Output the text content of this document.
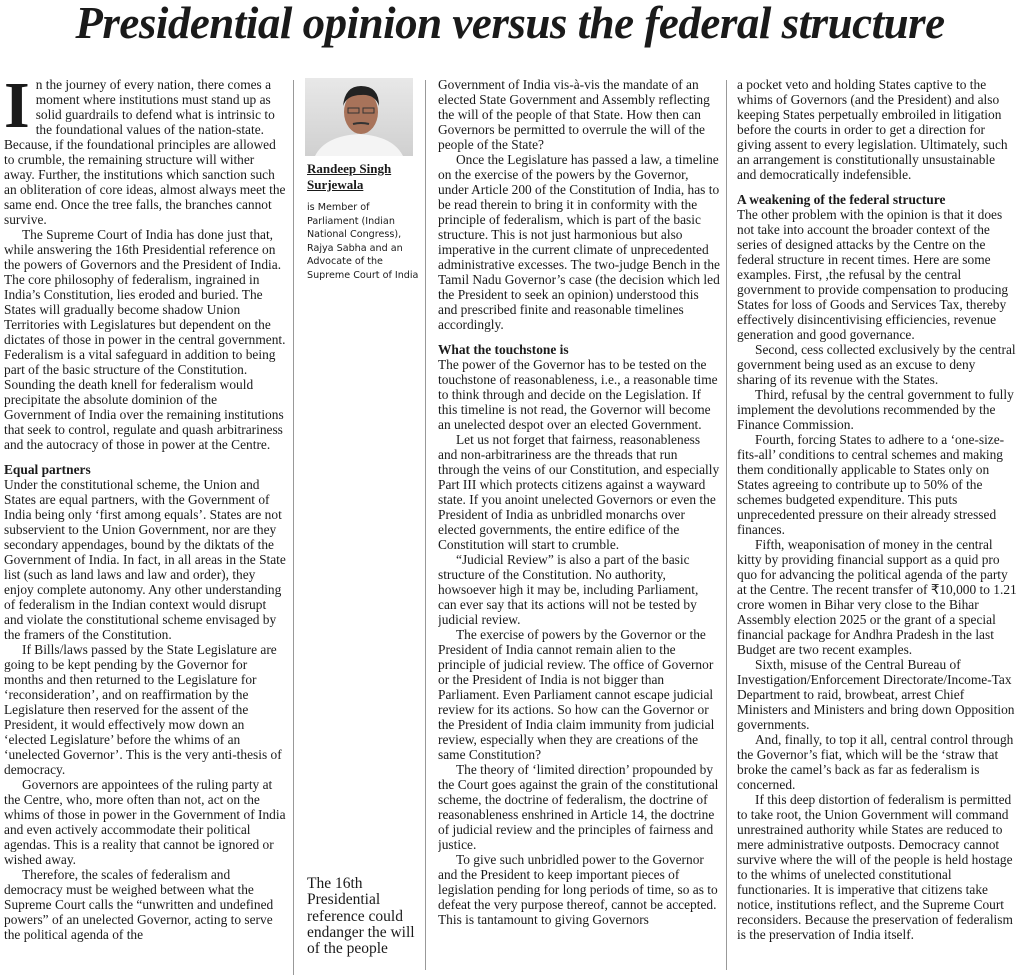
Presidential opinion versus the federal structure
I n the journey of every nation, there comes a moment where institutions must stand up as solid guardrails to defend what is intrinsic to the foundational values of the nation-state. Because, if the foundational principles are allowed to crumble, the remaining structure will wither away. Further, the institutions which sanction such an obliteration of core ideas, almost always meet the same end. Once the tree falls, the branches cannot survive.

The Supreme Court of India has done just that, while answering the 16th Presidential reference on the powers of Governors and the President of India. The core philosophy of federalism, ingrained in India’s Constitution, lies eroded and buried. The States will gradually become shadow Union Territories with Legislatures but dependent on the dictates of those in power in the central government. Federalism is a vital safeguard in addition to being part of the basic structure of the Constitution. Sounding the death knell for federalism would precipitate the absolute dominion of the Government of India over the remaining institutions that seek to control, regulate and quash arbitrariness and the autocracy of those in power at the Centre.

Equal partners

Under the constitutional scheme, the Union and States are equal partners, with the Government of India being only ‘first among equals’. States are not subservient to the Union Government, nor are they secondary appendages, bound by the diktats of the Government of India. In fact, in all areas in the State list (such as land laws and law and order), they enjoy complete autonomy. Any other understanding of federalism in the Indian context would disrupt and violate the constitutional scheme envisaged by the framers of the Constitution.

If Bills/laws passed by the State Legislature are going to be kept pending by the Governor for months and then returned to the Legislature for ‘reconsideration’, and on reaffirmation by the Legislature then reserved for the assent of the President, it would effectively mow down an ‘elected Legislature’ before the whims of an ‘unelected Governor’. This is the very anti-thesis of democracy.

Governors are appointees of the ruling party at the Centre, who, more often than not, act on the whims of those in power in the Government of India and even actively accommodate their political agendas. This is a reality that cannot be ignored or wished away.

Therefore, the scales of federalism and democracy must be weighed between what the Supreme Court calls the “unwritten and undefined powers” of an unelected Governor, acting to serve the political agenda of the

Randeep Singh Surjewala
is Member of Parliament (Indian National Congress), Rajya Sabha and an Advocate of the Supreme Court of India
The 16th Presidential reference could endanger the will of the people

Government of India vis-à-vis the mandate of an elected State Government and Assembly reflecting the will of the people of that State. How then can Governors be permitted to overrule the will of the people of the State?

Once the Legislature has passed a law, a timeline on the exercise of the powers by the Governor, under Article 200 of the Constitution of India, has to be read therein to bring it in conformity with the principle of federalism, which is part of the basic structure. This is not just harmonious but also imperative in the current climate of unprecedented administrative excesses. The two-judge Bench in the Tamil Nadu Governor’s case (the decision which led the President to seek an opinion) understood this and prescribed finite and reasonable timelines accordingly.

What the touchstone is

The power of the Governor has to be tested on the touchstone of reasonableness, i.e., a reasonable time to think through and decide on the Legislation. If this timeline is not read, the Governor will become an unelected despot over an elected Government.

Let us not forget that fairness, reasonableness and non-arbitrariness are the threads that run through the veins of our Constitution, and especially Part III which protects citizens against a wayward state. If you anoint unelected Governors or even the President of India as unbridled monarchs over elected governments, the entire edifice of the Constitution will start to crumble.

“Judicial Review” is also a part of the basic structure of the Constitution. No authority, howsoever high it may be, including Parliament, can ever say that its actions will not be tested by judicial review.

The exercise of powers by the Governor or the President of India cannot remain alien to the principle of judicial review. The office of Governor or the President of India is not bigger than Parliament. Even Parliament cannot escape judicial review for its actions. So how can the Governor or the President of India claim immunity from judicial review, especially when they are creations of the same Constitution?

The theory of ‘limited direction’ propounded by the Court goes against the grain of the constitutional scheme, the doctrine of federalism, the doctrine of reasonableness enshrined in Article 14, the doctrine of judicial review and the principles of fairness and justice.

To give such unbridled power to the Governor and the President to keep important pieces of legislation pending for long periods of time, so as to defeat the very purpose thereof, cannot be accepted. This is tantamount to giving Governors

a pocket veto and holding States captive to the whims of Governors (and the President) and also keeping States perpetually embroiled in litigation before the courts in order to get a direction for giving assent to every legislation. Ultimately, such an arrangement is constitutionally unsustainable and democratically indefensible.

A weakening of the federal structure

The other problem with the opinion is that it does not take into account the broader context of the series of designed attacks by the Centre on the federal structure in recent times. Here are some examples. First, ,the refusal by the central government to provide compensation to producing States for loss of Goods and Services Tax, thereby effectively disincentivising efficiencies, revenue generation and good governance.

Second, cess collected exclusively by the central government being used as an excuse to deny sharing of its revenue with the States.

Third, refusal by the central government to fully implement the devolutions recommended by the Finance Commission.

Fourth, forcing States to adhere to a ‘one-size-fits-all’ conditions to central schemes and making them conditionally applicable to States only on States agreeing to contribute up to 50% of the schemes budgeted expenditure. This puts unprecedented pressure on their already stressed finances.

Fifth, weaponisation of money in the central kitty by providing financial support as a quid pro quo for advancing the political agenda of the party at the Centre. The recent transfer of ₹10,000 to 1.21 crore women in Bihar very close to the Bihar Assembly election 2025 or the grant of a special financial package for Andhra Pradesh in the last Budget are two recent examples.

Sixth, misuse of the Central Bureau of Investigation/Enforcement Directorate/Income-Tax Department to raid, browbeat, arrest Chief Ministers and Ministers and bring down Opposition governments.

And, finally, to top it all, central control through the Governor’s fiat, which will be the ‘straw that broke the camel’s back as far as federalism is concerned.

If this deep distortion of federalism is permitted to take root, the Union Government will command unrestrained authority while States are reduced to mere administrative outposts. Democracy cannot survive where the will of the people is held hostage to the whims of unelected constitutional functionaries. It is imperative that citizens take notice, institutions reflect, and the Supreme Court reconsiders. Because the preservation of federalism is the preservation of India itself.
